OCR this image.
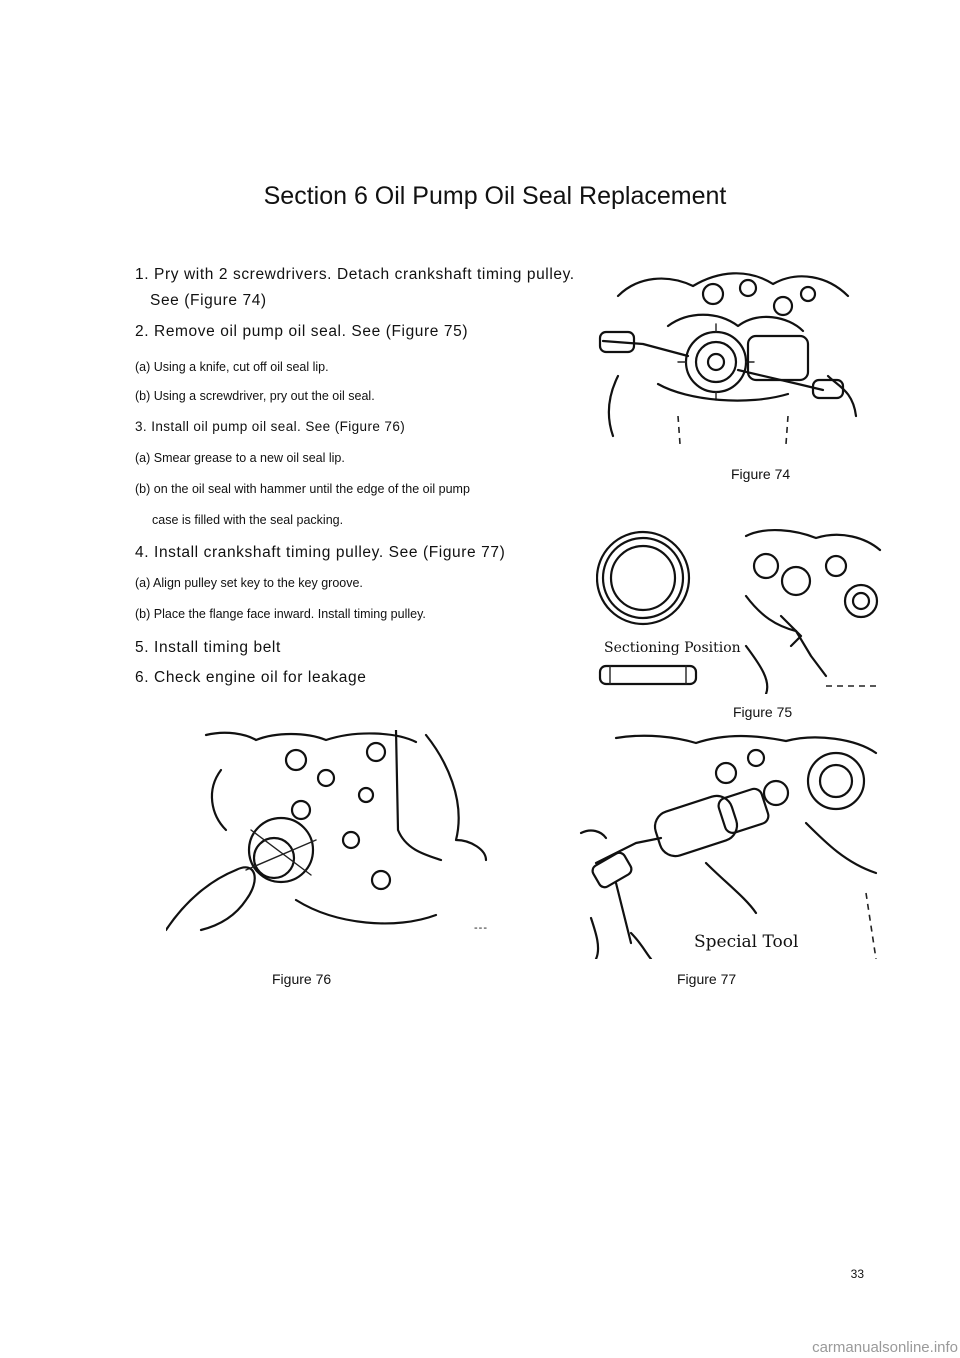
Section 6 Oil Pump Oil Seal Replacement
1. Pry with 2 screwdrivers. Detach crankshaft timing pulley.
See (Figure 74)
2. Remove oil pump oil seal. See (Figure 75)
(a) Using a knife, cut off oil seal lip.
(b) Using a screwdriver, pry out the oil seal.
3. Install oil pump oil seal. See (Figure 76)
(a) Smear grease to a new oil seal lip.
(b) on the oil seal with hammer until the edge of the oil pump
case is filled with the seal packing.
4. Install crankshaft timing pulley. See (Figure 77)
(a) Align pulley set key to the key groove.
(b) Place the flange face inward. Install timing pulley.
5. Install timing belt
6. Check engine oil for leakage
Figure 74
Sectioning Position
Figure 75
---
Figure 76
Special Tool
Figure 77
33
carmanualsonline.info
